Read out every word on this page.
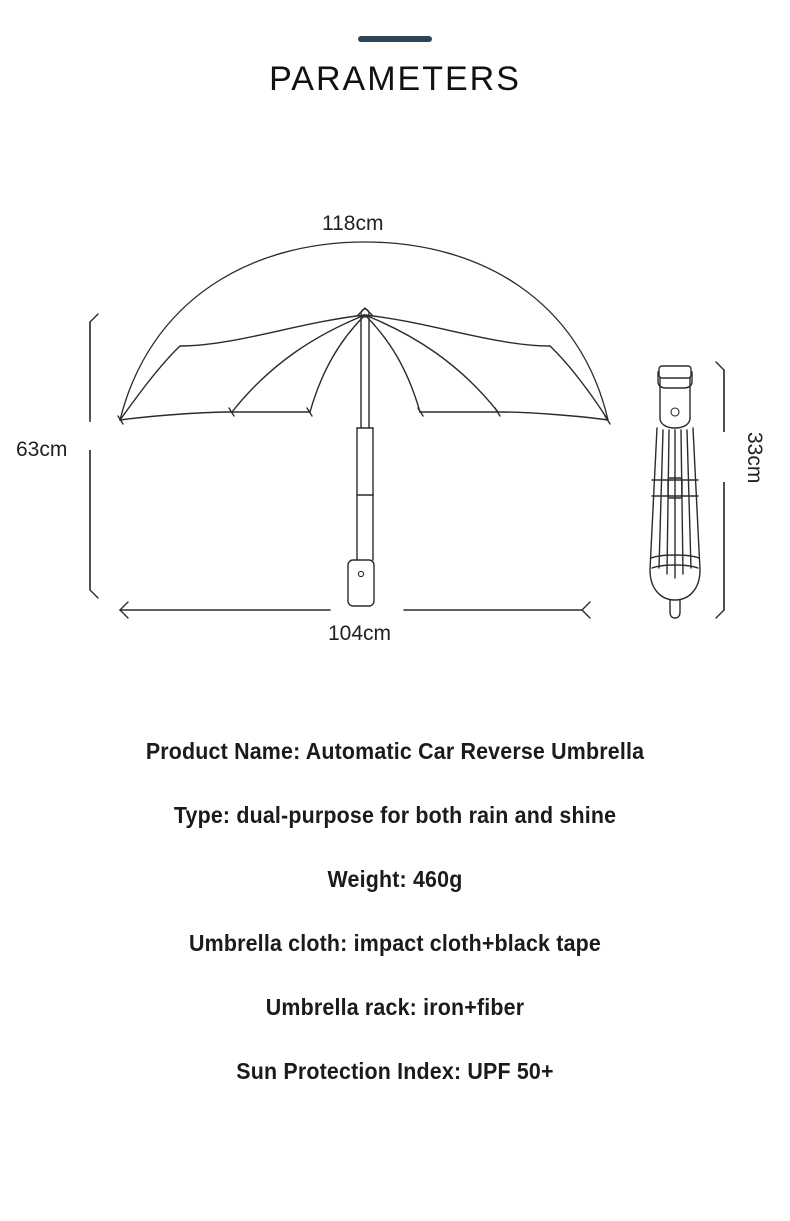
PARAMETERS
118cm
63cm
104cm
33cm
Product Name: Automatic Car Reverse Umbrella
Type: dual-purpose for both rain and shine
Weight: 460g
Umbrella cloth: impact cloth+black tape
Umbrella rack: iron+fiber
Sun Protection Index: UPF 50+
